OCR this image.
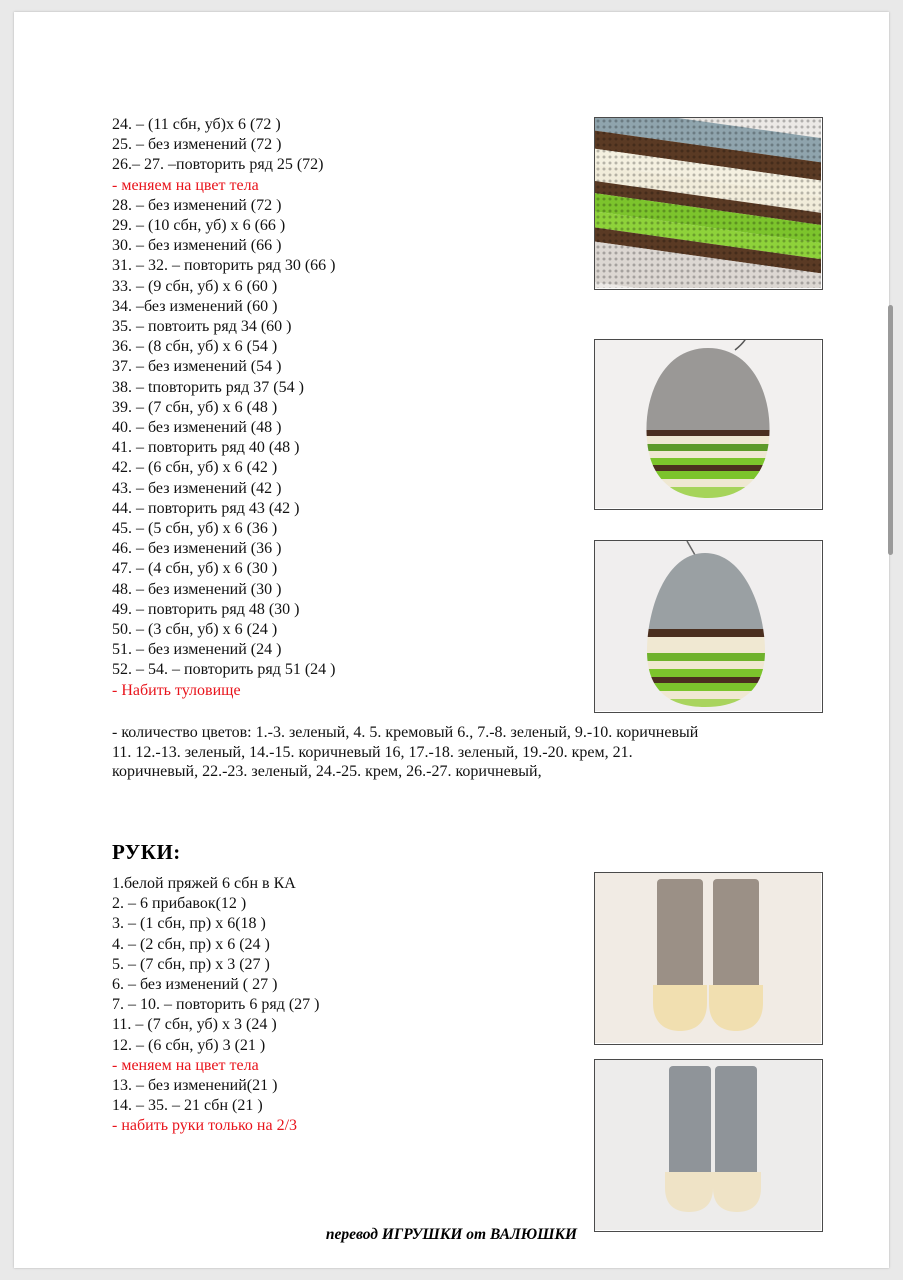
24. – (11 сбн, уб)х 6 (72 )
25. – без изменений (72 )
26.– 27. –повторить ряд 25 (72)
- меняем на цвет тела
28. – без изменений (72 )
29. – (10 сбн, уб) х 6 (66 )
30. – без изменений (66 )
31. – 32. – повторить ряд 30 (66 )
33. – (9 сбн, уб) х 6 (60 )
34. –без изменений (60 )
35. – повтоить ряд 34 (60 )
36. – (8 сбн, уб) х 6 (54 )
37. – без изменений (54 )
38. – tповторить ряд 37 (54 )
39. – (7 сбн, уб) х 6 (48 )
40. – без изменений (48 )
41. – повторить ряд 40 (48 )
42. – (6 сбн, уб) х 6 (42 )
43. – без изменений (42 )
44. – повторить ряд 43 (42 )
45. – (5 сбн, уб) х 6 (36 )
46. – без изменений (36 )
47. – (4 сбн, уб) х 6 (30 )
48. – без изменений (30 )
49. – повторить ряд 48 (30 )
50. – (3 сбн, уб) х 6 (24 )
51. – без изменений (24 )
52. – 54. – повторить ряд 51 (24 )
- Набить туловище
- количество цветов: 1.-3. зеленый, 4. 5. кремовый 6., 7.-8. зеленый, 9.-10. коричневый
11. 12.-13. зеленый, 14.-15. коричневый 16, 17.-18. зеленый, 19.-20. крем, 21.
коричневый, 22.-23. зеленый, 24.-25. крем, 26.-27. коричневый,
РУКИ:
1.белой пряжей 6 сбн в КА
2. – 6 прибавок(12 )
3. – (1 сбн, пр) х 6(18 )
4. – (2 сбн, пр) х 6 (24 )
5. – (7 сбн, пр) х 3 (27 )
6. – без изменений ( 27 )
7. – 10. – повторить 6 ряд (27 )
11. – (7 сбн, уб) х 3 (24 )
12. – (6 сбн, уб) 3 (21 )
- меняем на цвет тела
13. – без изменений(21 )
14. – 35. – 21 сбн (21 )
- набить руки только на 2/3
перевод ИГРУШКИ от ВАЛЮШКИ
